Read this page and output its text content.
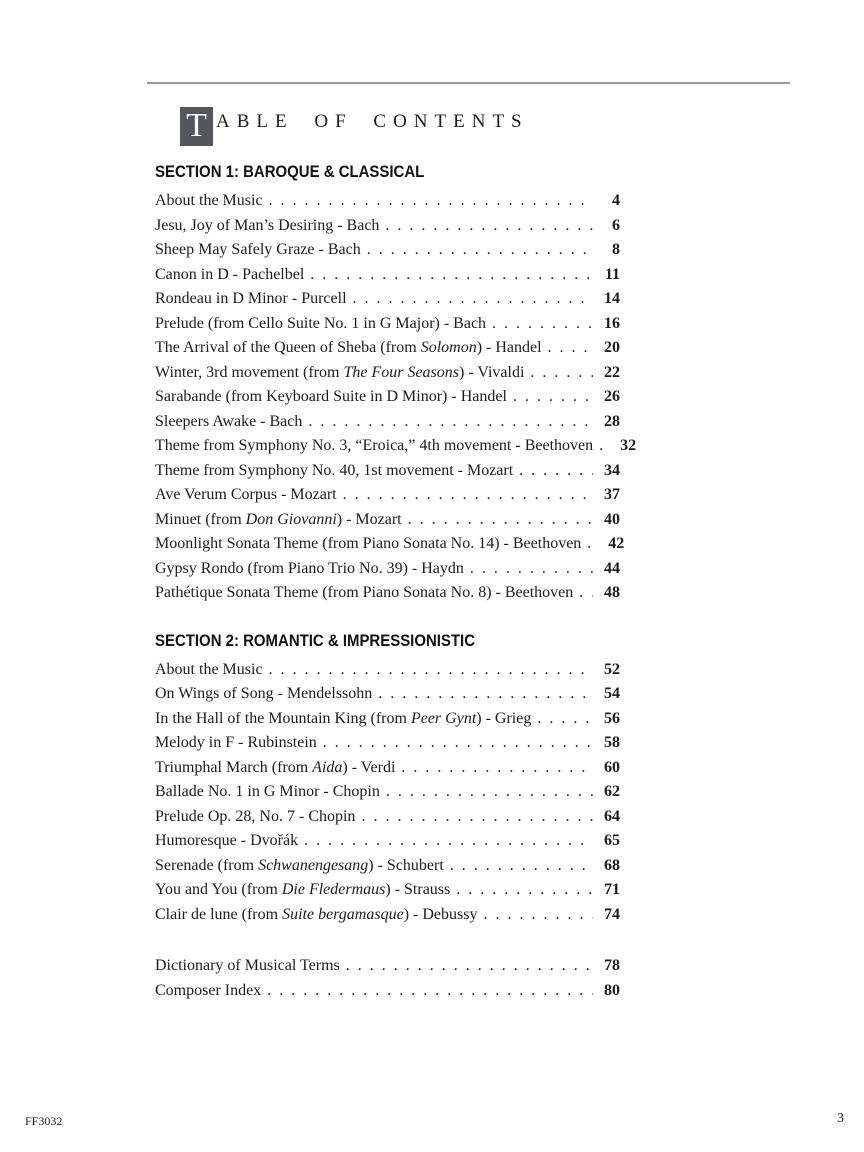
T ABLE OF CONTENTS
SECTION 1: BAROQUE & CLASSICAL
About the Music . . .	4
Jesu, Joy of Man’s Desiring - Bach . . .	6
Sheep May Safely Graze - Bach . . .	8
Canon in D - Pachelbel . . .	11
Rondeau in D Minor - Purcell . . .	14
Prelude (from Cello Suite No. 1 in G Major) - Bach . . .	16
The Arrival of the Queen of Sheba (from Solomon) - Handel . . .	20
Winter, 3rd movement (from The Four Seasons) - Vivaldi . . .	22
Sarabande (from Keyboard Suite in D Minor) - Handel . . .	26
Sleepers Awake - Bach . . .	28
Theme from Symphony No. 3, “Eroica,” 4th movement - Beethoven . . .	32
Theme from Symphony No. 40, 1st movement - Mozart . . .	34
Ave Verum Corpus - Mozart . . .	37
Minuet (from Don Giovanni) - Mozart . . .	40
Moonlight Sonata Theme (from Piano Sonata No. 14) - Beethoven . . .	42
Gypsy Rondo (from Piano Trio No. 39) - Haydn . . .	44
Pathétique Sonata Theme (from Piano Sonata No. 8) - Beethoven . . .	48
SECTION 2: ROMANTIC & IMPRESSIONISTIC
About the Music . . .	52
On Wings of Song - Mendelssohn . . .	54
In the Hall of the Mountain King (from Peer Gynt) - Grieg . . .	56
Melody in F - Rubinstein . . .	58
Triumphal March (from Aida) - Verdi . . .	60
Ballade No. 1 in G Minor - Chopin . . .	62
Prelude Op. 28, No. 7 - Chopin . . .	64
Humoresque - Dvořák . . .	65
Serenade (from Schwanengesang) - Schubert . . .	68
You and You (from Die Fledermaus) - Strauss . . .	71
Clair de lune (from Suite bergamasque) - Debussy . . .	74
Dictionary of Musical Terms . . .	78
Composer Index . . .	80
FF3032	3
